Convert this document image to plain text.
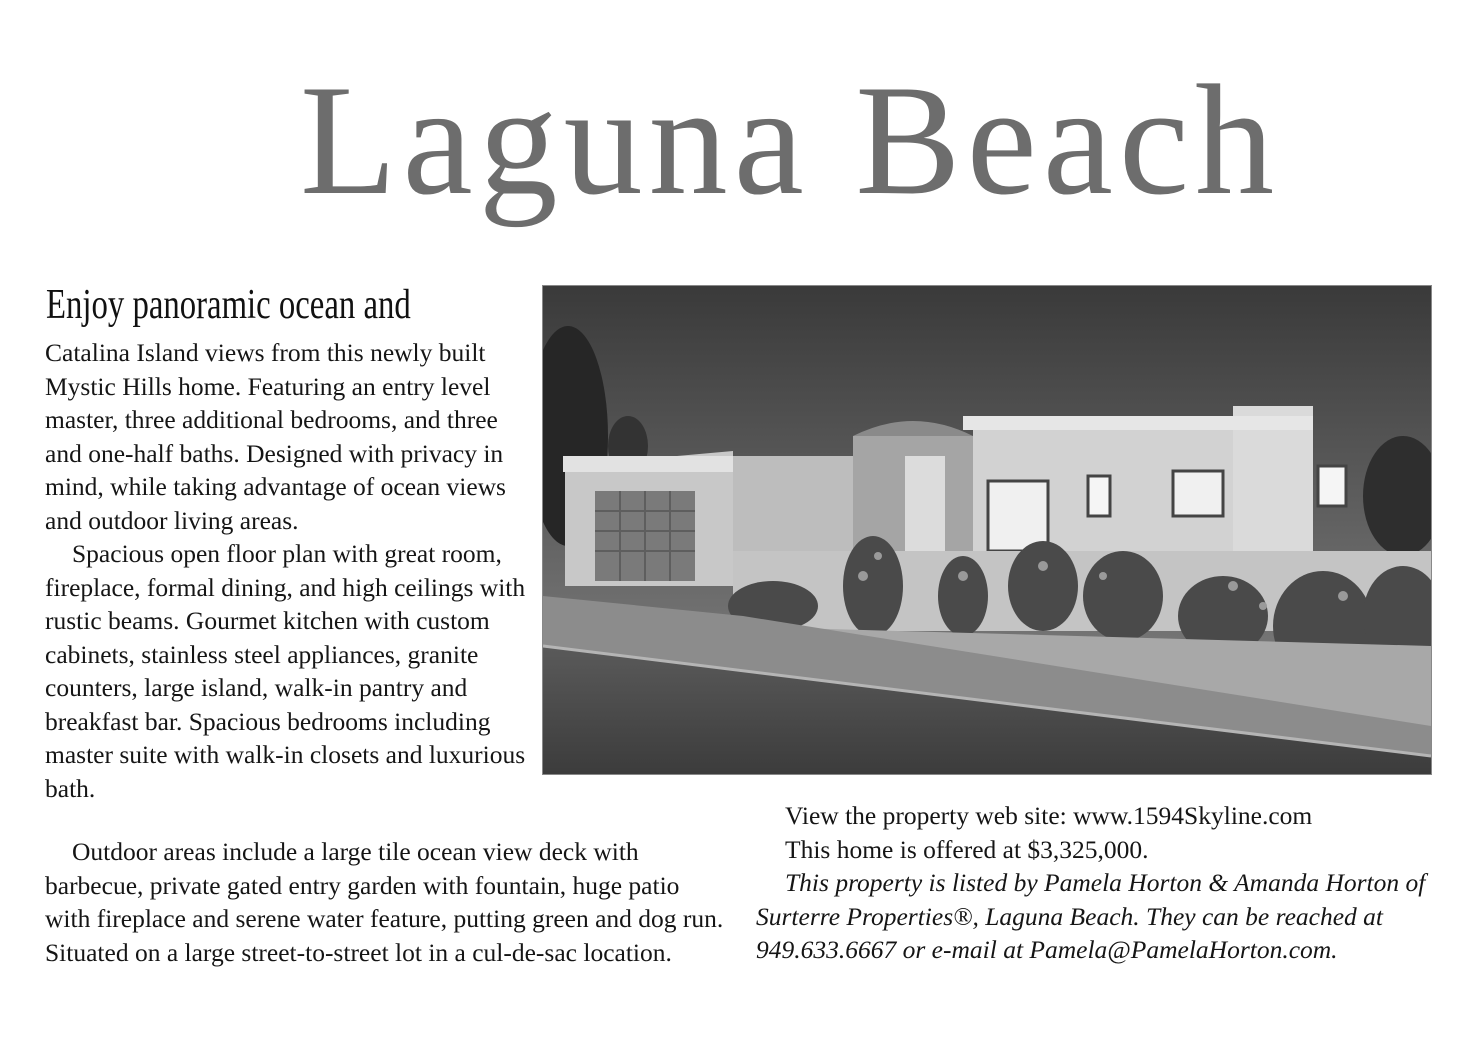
Laguna Beach
Enjoy panoramic ocean and

Catalina Island views from this newly built Mystic Hills home. Featuring an entry level master, three additional bedrooms, and three and one-half baths. Designed with privacy in mind, while taking advantage of ocean views and outdoor living areas.

Spacious open floor plan with great room, fireplace, formal dining, and high ceilings with rustic beams. Gourmet kitchen with custom cabinets, stainless steel appliances, granite counters, large island, walk-in pantry and breakfast bar. Spacious bedrooms including master suite with walk-in closets and luxurious bath.

Outdoor areas include a large tile ocean view deck with barbecue, private gated entry garden with fountain, huge patio with fireplace and serene water feature, putting green and dog run. Situated on a large street-to-street lot in a cul-de-sac location.

View the property web site: www.1594Skyline.com
This home is offered at $3,325,000.
This property is listed by Pamela Horton & Amanda Horton of Surterre Properties®, Laguna Beach. They can be reached at 949.633.6667 or e-mail at Pamela@PamelaHorton.com.
